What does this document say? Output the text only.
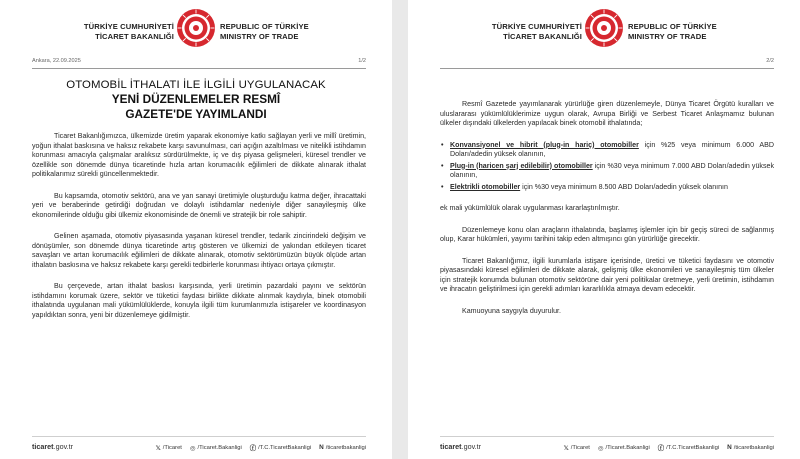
TÜRKİYE CUMHURİYETİ
TİCARET BAKANLIĞI
REPUBLIC OF TÜRKİYE
MINISTRY OF TRADE
Ankara, 22.09.2025	1/2
OTOMOBİL İTHALATI İLE İLGİLİ UYGULANACAK
YENİ DÜZENLEMELER RESMÎ
GAZETE'DE YAYIMLANDI

Ticaret Bakanlığımızca, ülkemizde üretim yaparak ekonomiye katkı sağlayan yerli ve millî üretimin, yoğun ithalat baskısına ve haksız rekabete karşı savunulması, cari açığın azaltılması ve nitelikli istihdamın korunması amacıyla çalışmalar aralıksız sürdürülmekte, iç ve dış piyasa gelişmeleri, küresel trendler ve özellikle son dönemde dünya ticaretinde hızla artan korumacılık eğilimleri de dikkate alınarak ithalat politikalarımız sürekli güncellenmektedir.

Bu kapsamda, otomotiv sektörü, ana ve yan sanayi üretimiyle oluşturduğu katma değer, ihracattaki yeri ve beraberinde getirdiği doğrudan ve dolaylı istihdamlar nedeniyle diğer sanayileşmiş ülke ekonomilerinde olduğu gibi ülkemiz ekonomisinde de önemli ve stratejik bir role sahiptir.

Gelinen aşamada, otomotiv piyasasında yaşanan küresel trendler, tedarik zincirindeki değişim ve dönüşümler, son dönemde dünya ticaretinde artış gösteren ve ülkemizi de yakından etkileyen ticaret savaşları ve artan korumacılık eğilimleri de dikkate alınarak, otomotiv sektörümüzün büyük ölçüde artan ithalatın baskısına ve haksız rekabete karşı gerekli tedbirlerle korunması ihtiyacı ortaya çıkmıştır.

Bu çerçevede, artan ithalat baskısı karşısında, yerli üretimin pazardaki payını ve sektörün istihdamını korumak üzere, sektör ve tüketici faydası birlikte dikkate alınmak kaydıyla, binek otomobili ithalatında uygulanan mali yükümlülüklerde, konuyla ilgili tüm kurumlarımızla istişareler ve koordinasyon yapıldıktan sonra, yeni bir düzenlemeye gidilmiştir.

ticaret.gov.tr	𝕏 /Ticaret ◎ /Ticaret.Bakanligi ⓕ /T.C.TicaretBakanligi N /ticaretbakanligi
TÜRKİYE CUMHURİYETİ
TİCARET BAKANLIĞI
REPUBLIC OF TÜRKİYE
MINISTRY OF TRADE
2/2

Resmî Gazetede yayımlanarak yürürlüğe giren düzenlemeyle, Dünya Ticaret Örgütü kuralları ve uluslararası yükümlülüklerimize uygun olarak, Avrupa Birliği ve Serbest Ticaret Anlaşmamız bulunan ülkeler dışındaki ülkelerden yapılacak binek otomobil ithalatında;

• Konvansiyonel ve hibrit (plug-in hariç) otomobiller için %25 veya minimum 6.000 ABD Doları/adedin yüksek olanının,
• Plug-in (haricen şarj edilebilir) otomobiller için %30 veya minimum 7.000 ABD Doları/adedin yüksek olanının,
• Elektrikli otomobiller için %30 veya minimum 8.500 ABD Doları/adedin yüksek olanının

ek mali yükümlülük olarak uygulanması kararlaştırılmıştır.

Düzenlemeye konu olan araçların ithalatında, başlamış işlemler için bir geçiş süreci de sağlanmış olup, Karar hükümleri, yayımı tarihini takip eden altmışıncı gün yürürlüğe girecektir.

Ticaret Bakanlığımız, ilgili kurumlarla istişare içerisinde, üretici ve tüketici faydasını ve otomotiv piyasasındaki küresel eğilimleri de dikkate alarak, gelişmiş ülke ekonomileri ve sanayileşmiş tüm ülkeler için stratejik konumda bulunan otomotiv sektörüne dair yeni politikalar üretmeye, yerli üretimin, istihdamın ve ihracatın geliştirilmesi için gerekli adımları kararlılıkla atmaya devam edecektir.

Kamuoyuna saygıyla duyurulur.

ticaret.gov.tr	𝕏 /Ticaret ◎ /Ticaret.Bakanligi ⓕ /T.C.TicaretBakanligi N /ticaretbakanligi
